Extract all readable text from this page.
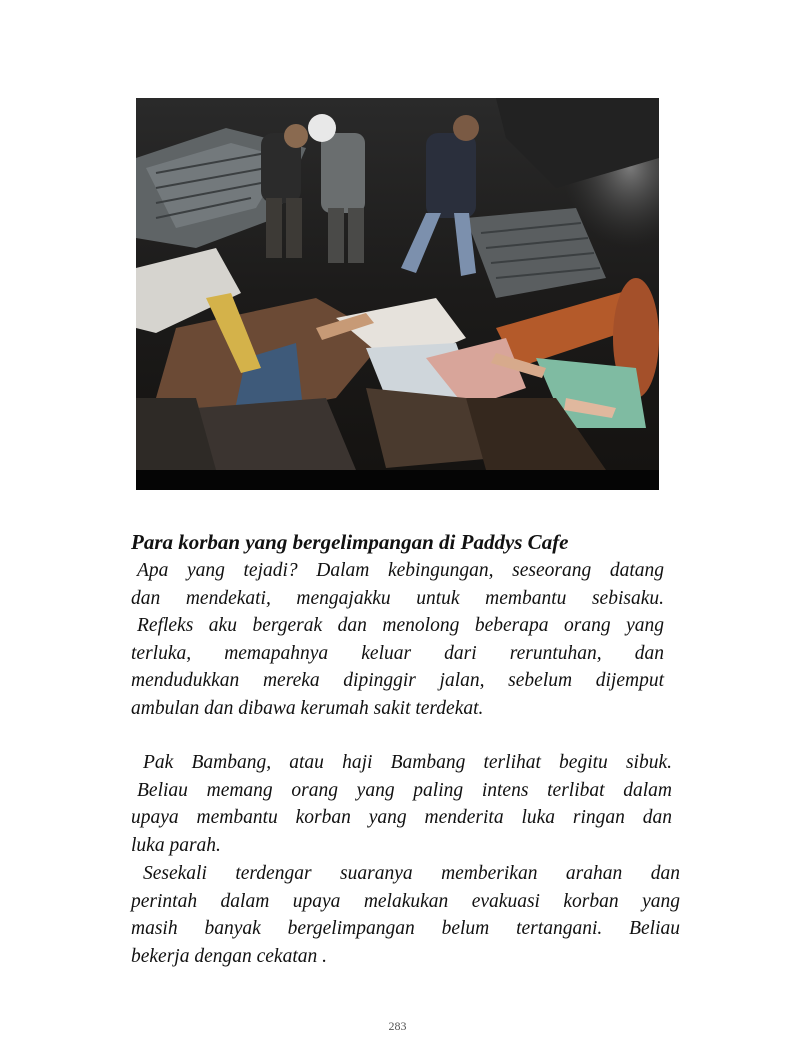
Para korban yang bergelimpangan di Paddys Cafe
Apa yang tejadi? Dalam kebingungan, seseorang datang
dan mendekati, mengajakku untuk membantu sebisaku.
Refleks aku bergerak dan menolong beberapa orang yang
terluka, memapahnya keluar dari reruntuhan, dan
mendudukkan mereka dipinggir jalan, sebelum dijemput
ambulan dan dibawa kerumah sakit terdekat.
Pak Bambang, atau haji Bambang terlihat begitu sibuk.
Beliau memang orang yang paling intens terlibat dalam
upaya membantu korban yang menderita luka ringan dan
luka parah.
Sesekali terdengar suaranya memberikan arahan dan
perintah dalam upaya melakukan evakuasi korban yang
masih banyak bergelimpangan belum tertangani. Beliau
bekerja dengan cekatan .
283
